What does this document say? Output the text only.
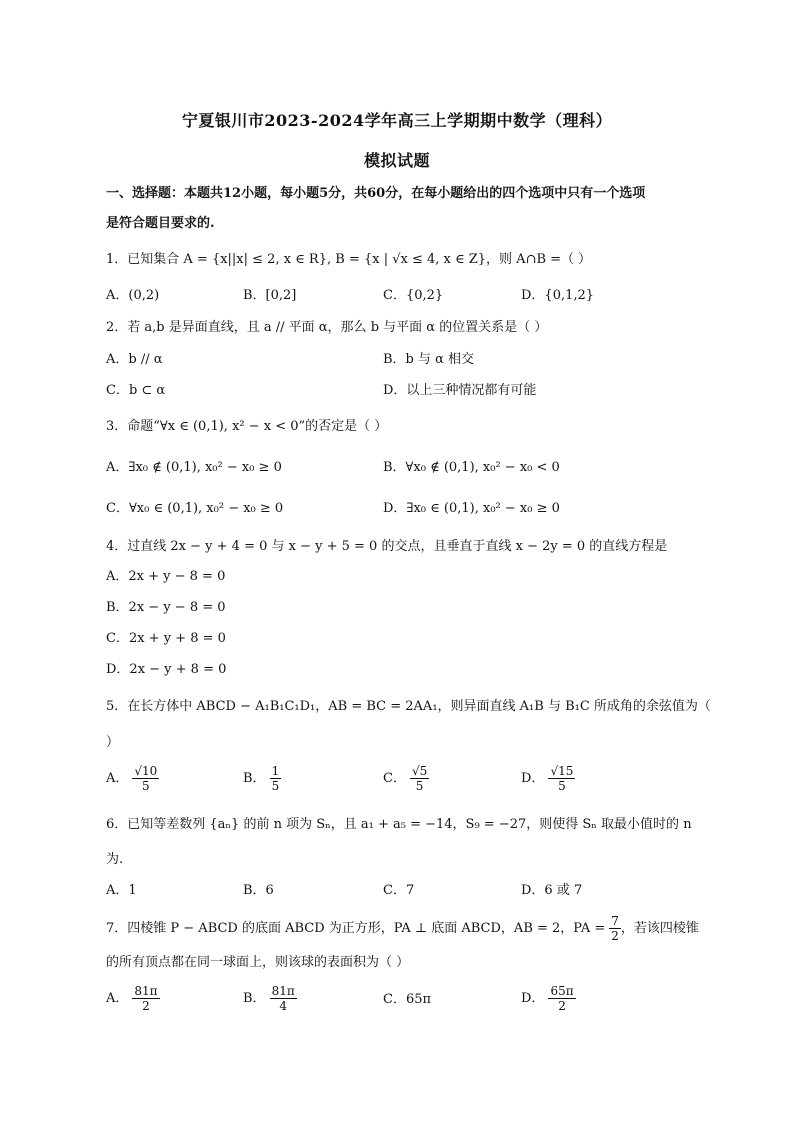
宁夏银川市2023-2024学年高三上学期期中数学（理科）
模拟试题
一、选择题：本题共12小题，每小题5分，共60分，在每小题给出的四个选项中只有一个选项
是符合题目要求的.
1．已知集合 A = {x||x| ≤ 2, x ∈ R}, B = {x | √x ≤ 4, x ∈ Z}，则 A∩B =（ ）
A．(0,2)	B．[0,2]	C．{0,2}	D．{0,1,2}
2．若 a,b 是异面直线，且 a // 平面 α，那么 b 与平面 α 的位置关系是（ ）
A．b // α	B．b 与 α 相交
C．b ⊂ α	D．以上三种情况都有可能
3．命题“∀x ∈ (0,1), x² − x < 0”的否定是（ ）
A．∃x₀ ∉ (0,1), x₀² − x₀ ≥ 0	B．∀x₀ ∉ (0,1), x₀² − x₀ < 0
C．∀x₀ ∈ (0,1), x₀² − x₀ ≥ 0	D．∃x₀ ∈ (0,1), x₀² − x₀ ≥ 0
4．过直线 2x − y + 4 = 0 与 x − y + 5 = 0 的交点，且垂直于直线 x − 2y = 0 的直线方程是
A．2x + y − 8 = 0
B．2x − y − 8 = 0
C．2x + y + 8 = 0
D．2x − y + 8 = 0
5．在长方体中 ABCD − A₁B₁C₁D₁，AB = BC = 2AA₁，则异面直线 A₁B 与 B₁C 所成角的余弦值为（
）
A． $\frac{√10}{5}$	B． $\frac{1}{5}$	C． $\frac{√5}{5}$	D． $\frac{√15}{5}$
6．已知等差数列 {aₙ} 的前 n 项为 Sₙ，且 a₁ + a₅ = −14，S₉ = −27，则使得 Sₙ 取最小值时的 n
为.
A．1	B．6	C．7	D．6 或 7
7．四棱锥 P − ABCD 的底面 ABCD 为正方形，PA ⊥ 底面 ABCD，AB = 2，PA = $\frac{7}{2}$ ，若该四棱锥
的所有顶点都在同一球面上，则该球的表面积为（ ）
A． $\frac{81\pi}{2}$	B． $\frac{81\pi}{4}$	C．65π	D． $\frac{65\pi}{2}$
